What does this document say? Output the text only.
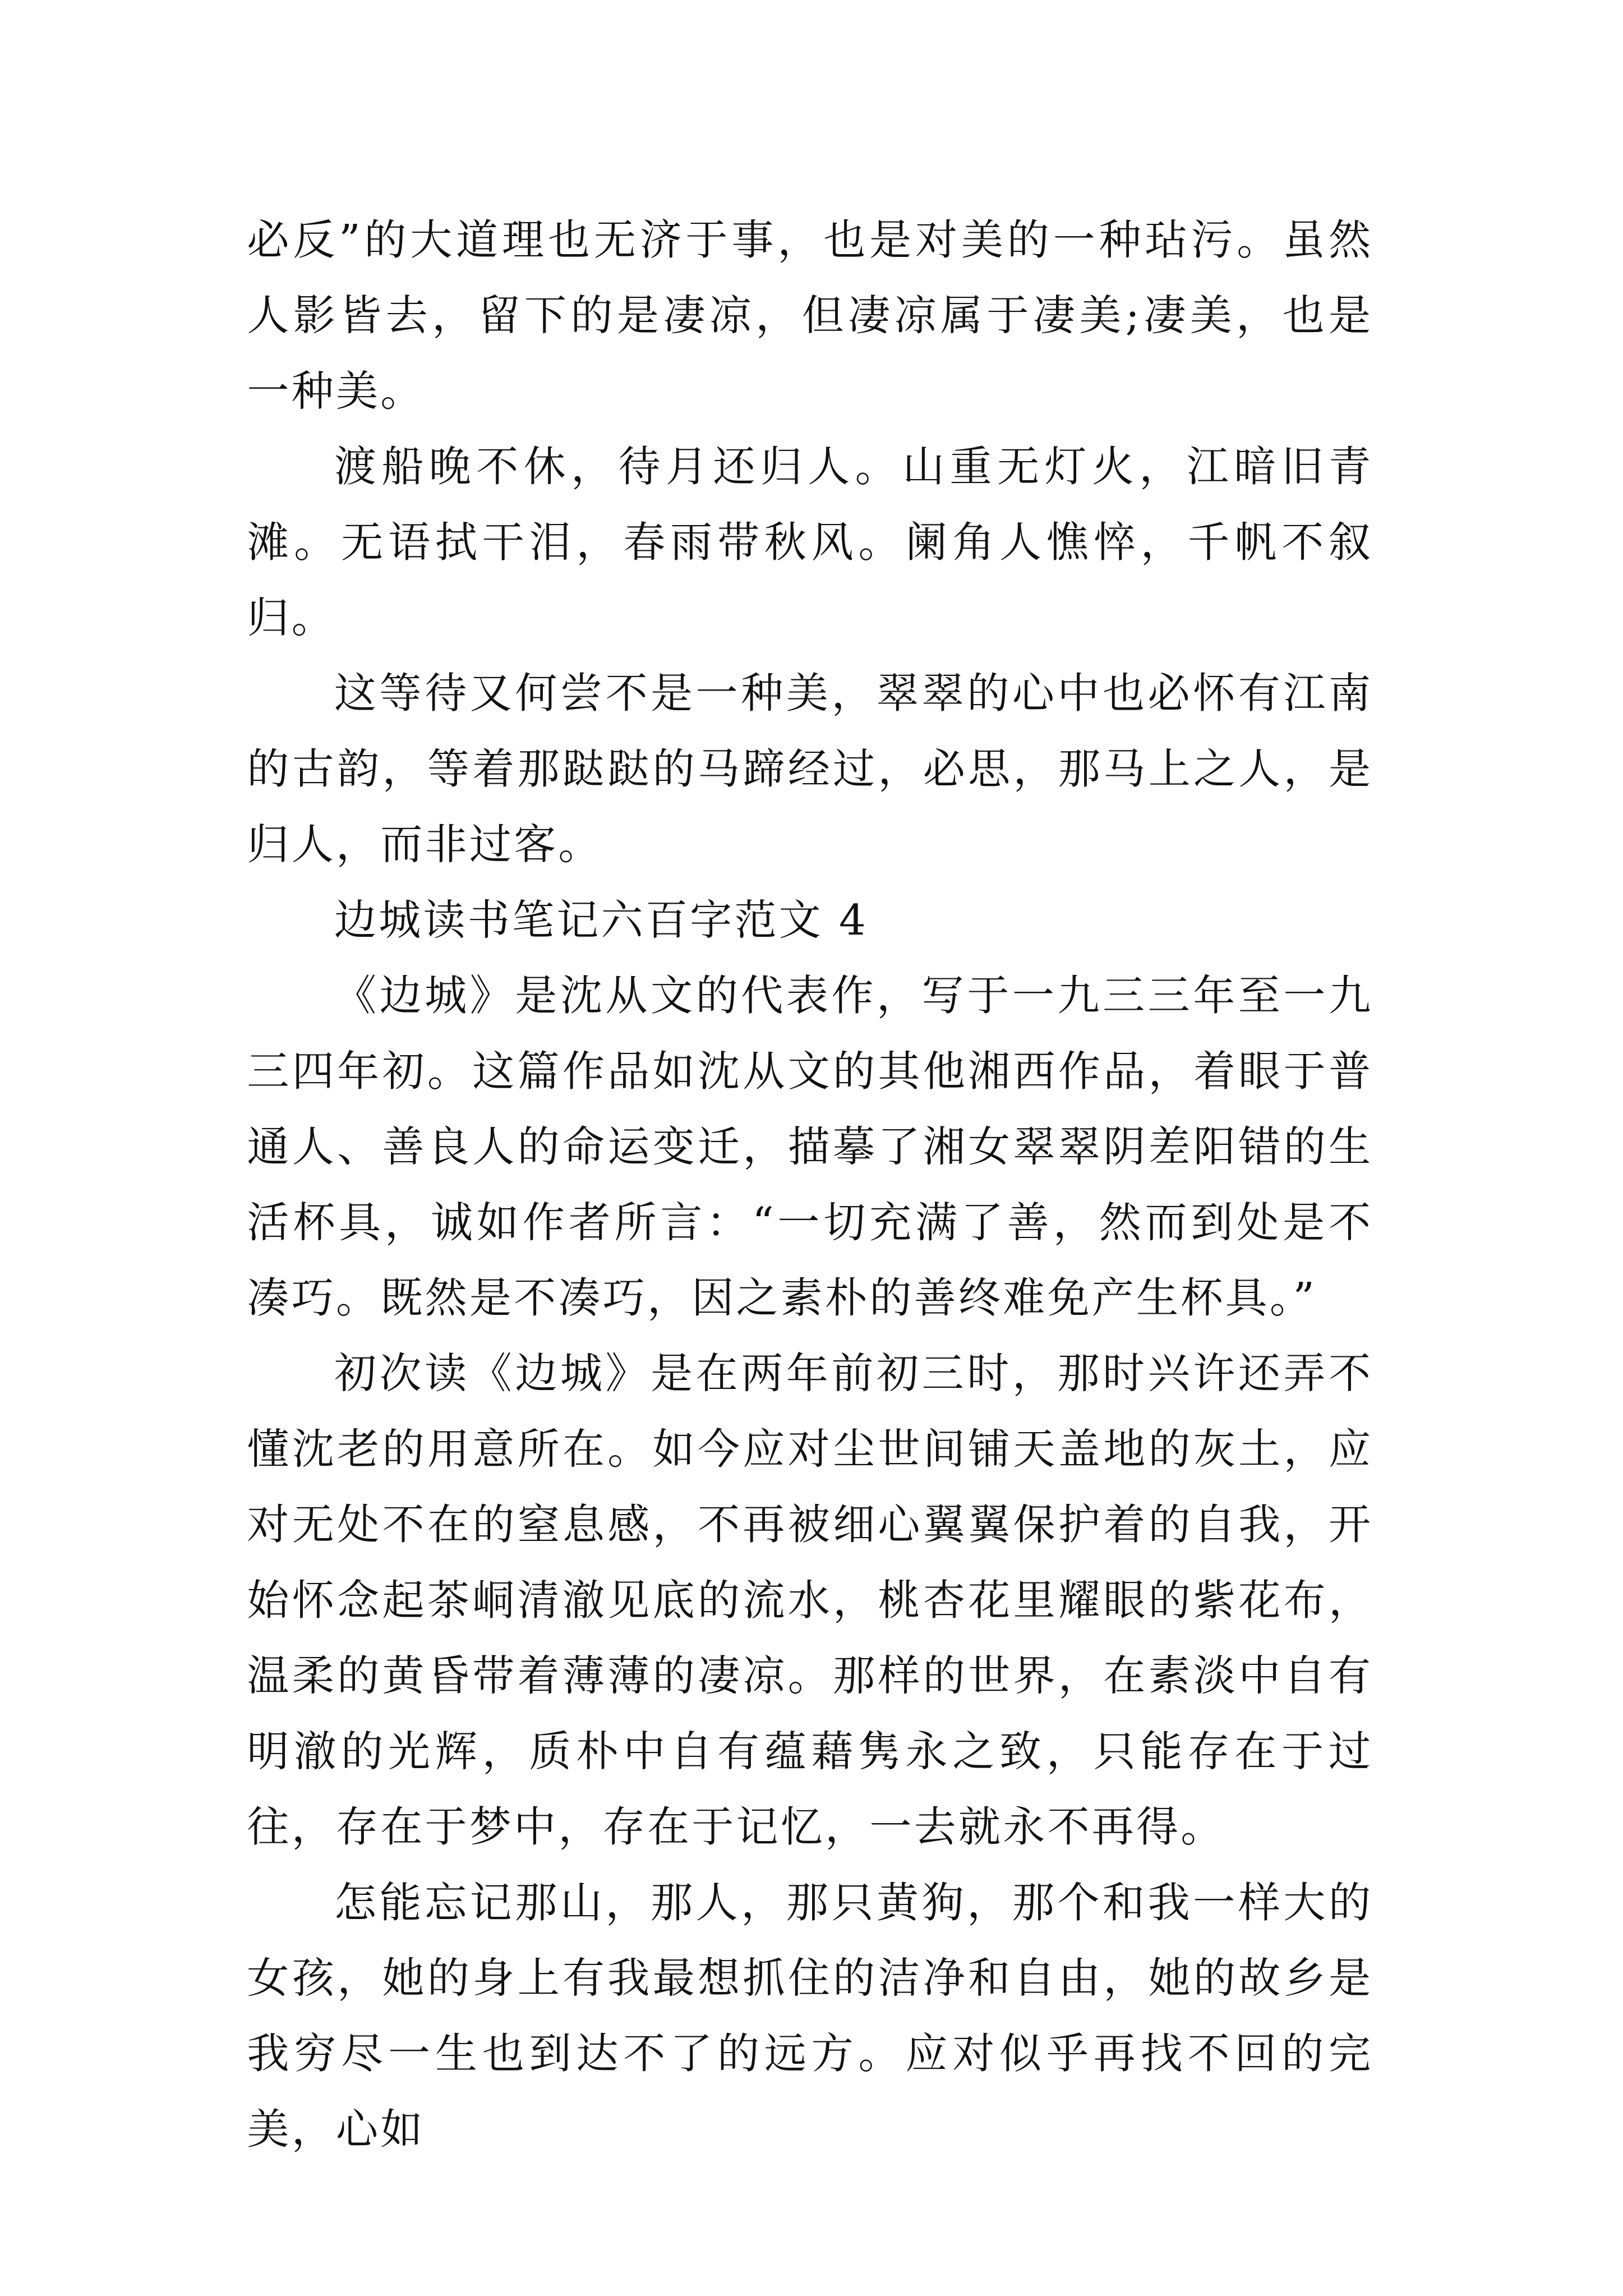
必反”的大道理也无济于事，也是对美的一种玷污。虽然人影皆去，留下的是凄凉，但凄凉属于凄美;凄美，也是一种美。

渡船晚不休，待月还归人。山重无灯火，江暗旧青滩。无语拭干泪，春雨带秋风。阑角人憔悴，千帆不叙归。

这等待又何尝不是一种美，翠翠的心中也必怀有江南的古韵，等着那跶跶的马蹄经过，必思，那马上之人，是归人，而非过客。

边城读书笔记六百字范文 4

《边城》是沈从文的代表作，写于一九三三年至一九三四年初。这篇作品如沈从文的其他湘西作品，着眼于普通人、善良人的命运变迁，描摹了湘女翠翠阴差阳错的生活杯具，诚如作者所言：“一切充满了善，然而到处是不凑巧。既然是不凑巧，因之素朴的善终难免产生杯具。”

初次读《边城》是在两年前初三时，那时兴许还弄不懂沈老的用意所在。如今应对尘世间铺天盖地的灰土，应对无处不在的窒息感，不再被细心翼翼保护着的自我，开始怀念起茶峒清澈见底的流水，桃杏花里耀眼的紫花布，温柔的黄昏带着薄薄的凄凉。那样的世界，在素淡中自有明澈的光辉，质朴中自有蕴藉隽永之致，只能存在于过往，存在于梦中，存在于记忆，一去就永不再得。

怎能忘记那山，那人，那只黄狗，那个和我一样大的女孩，她的身上有我最想抓住的洁净和自由，她的故乡是我穷尽一生也到达不了的远方。应对似乎再找不回的完美，心如
